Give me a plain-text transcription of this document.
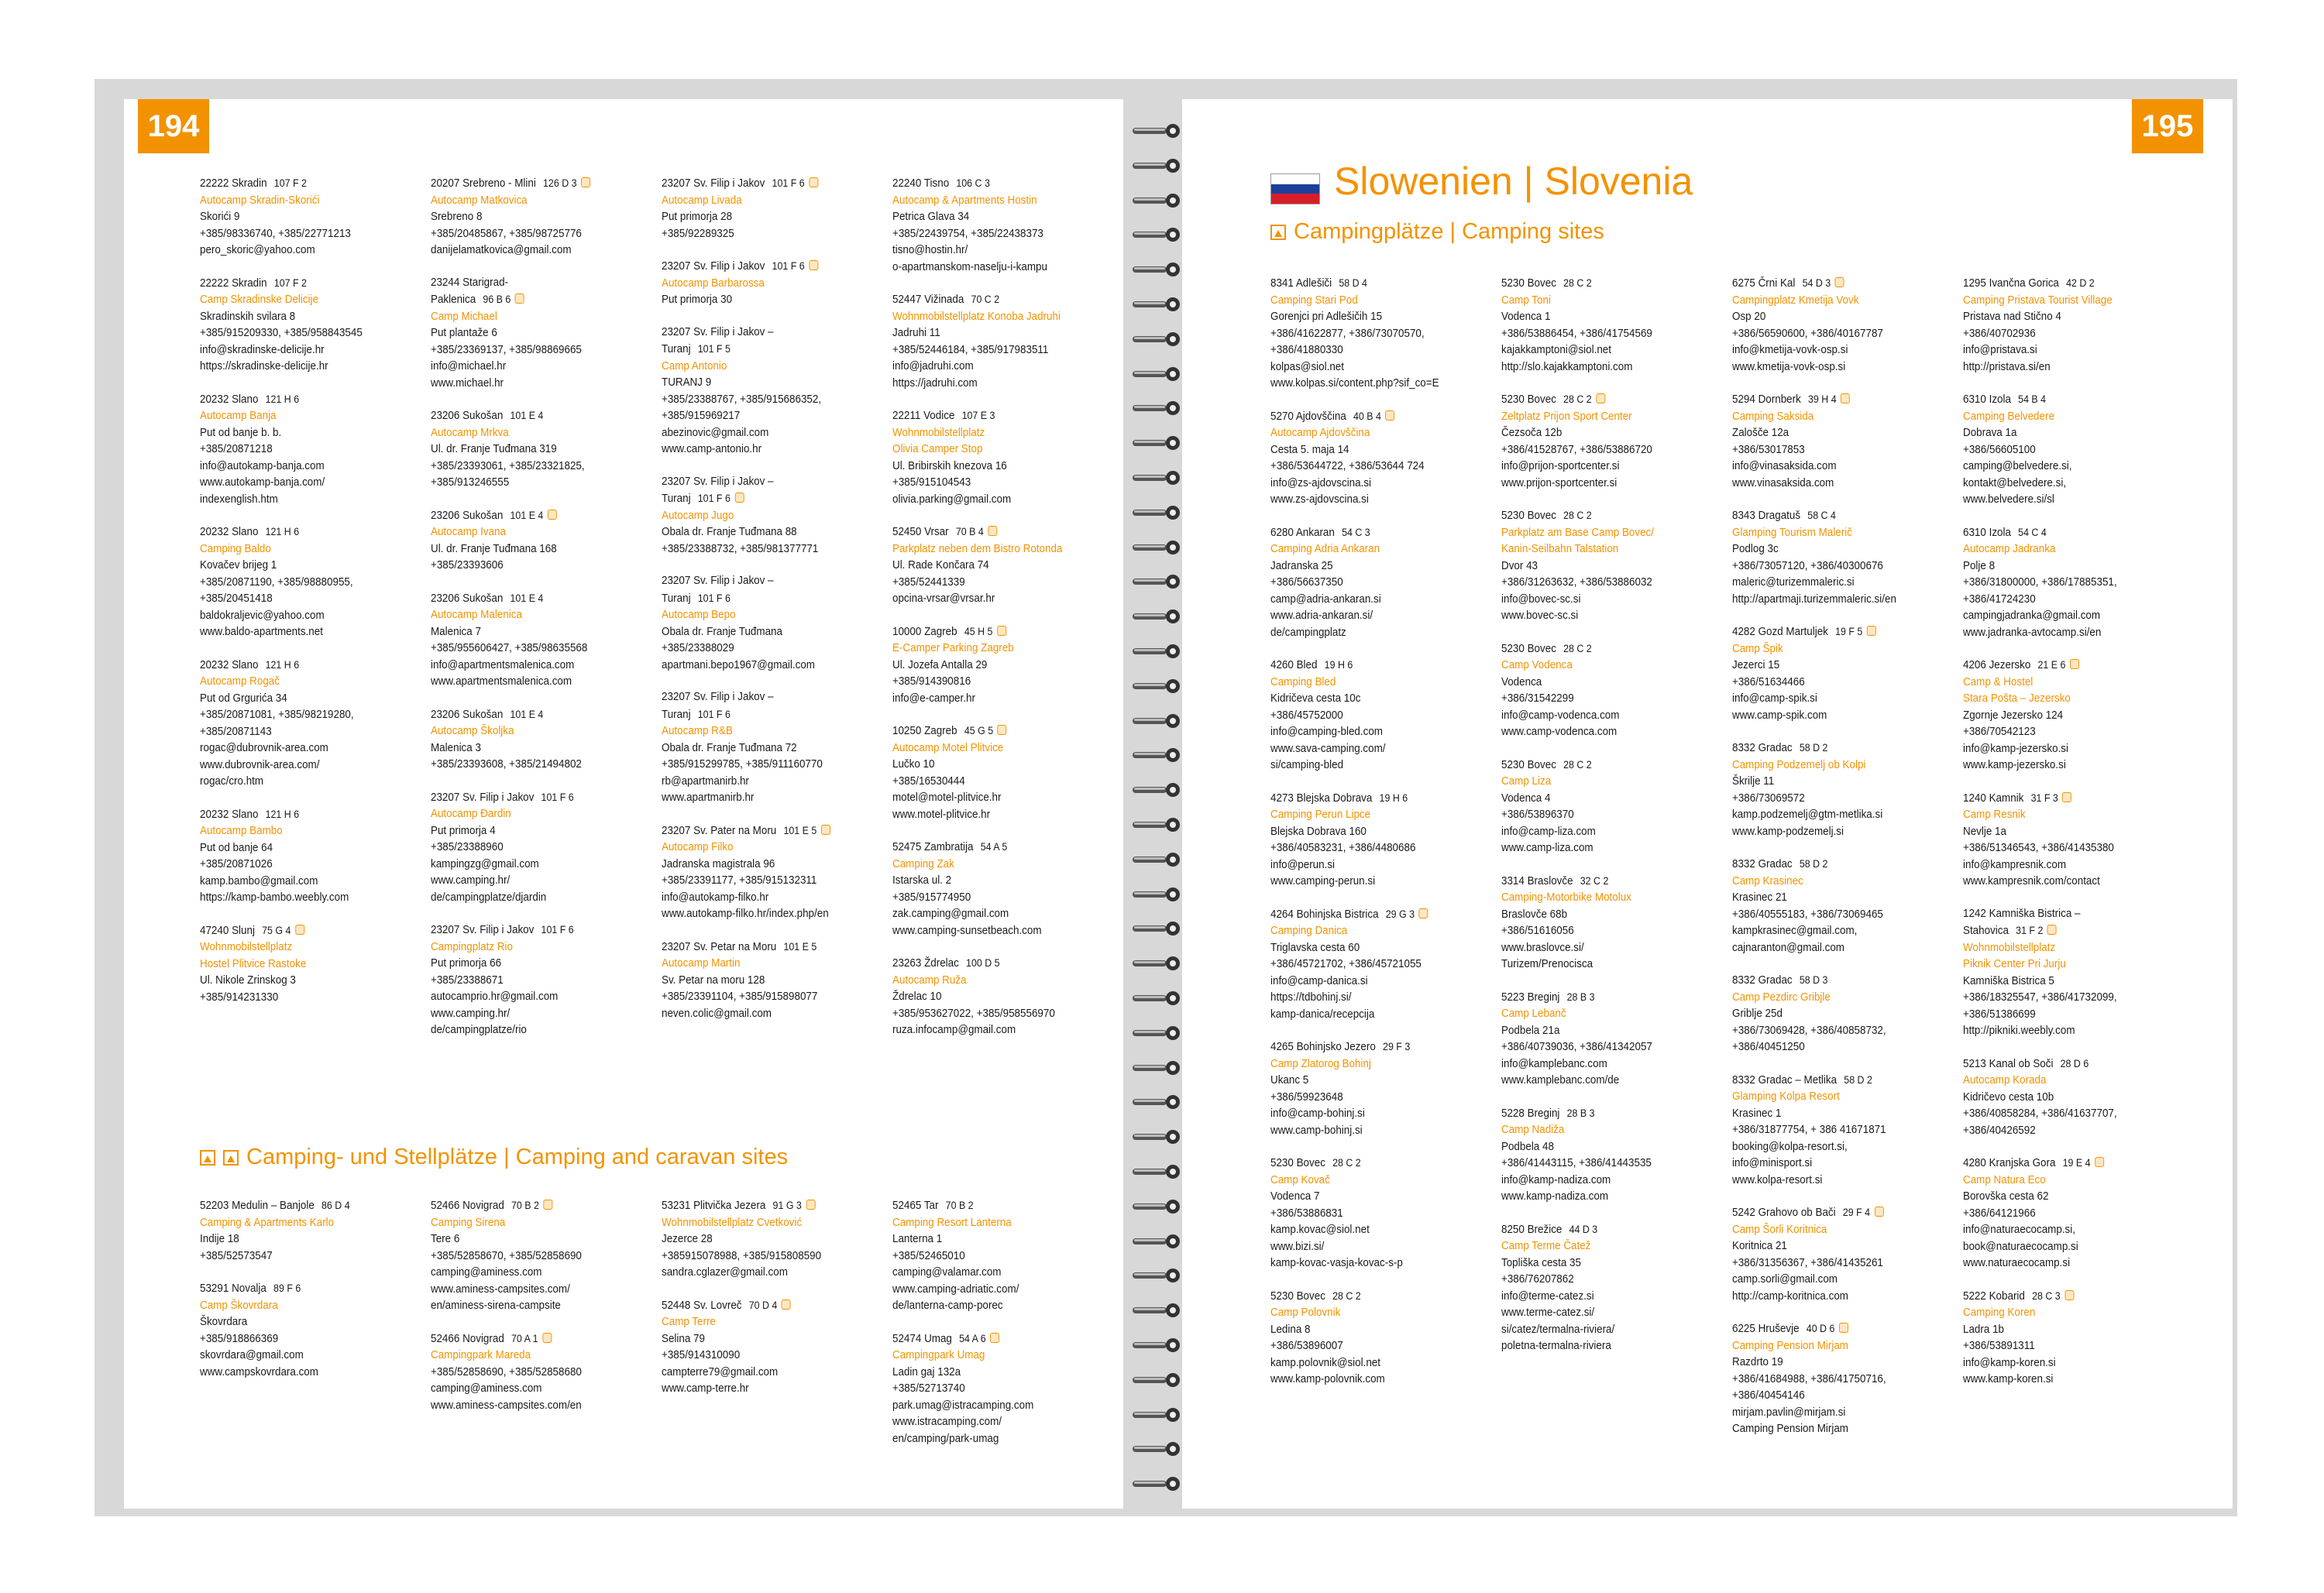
194	195
Slowenien | Slovenia
Campingplätze | Camping sites
Camping- und Stellplätze | Camping and caravan sites
22222 Skradin 107 F 2
Autocamp Skradin-Skorići
Skorići 9
+385/98336740, +385/22771213
pero_skoric@yahoo.com
22222 Skradin 107 F 2
Camp Skradinske Delicije
Skradinskih svilara 8
+385/915209330, +385/958843545
info@skradinske-delicije.hr
https://skradinske-delicije.hr
20232 Slano 121 H 6
Autocamp Banja
Put od banje b. b.
+385/20871218
info@autokamp-banja.com
www.autokamp-banja.com/
indexenglish.htm
20232 Slano 121 H 6
Camping Baldo
Kovačev brijeg 1
+385/20871190, +385/98880955,
+385/20451418
baldokraljevic@yahoo.com
www.baldo-apartments.net
20232 Slano 121 H 6
Autocamp Rogač
Put od Grgurića 34
+385/20871081, +385/98219280,
+385/20871143
rogac@dubrovnik-area.com
www.dubrovnik-area.com/
rogac/cro.htm
20232 Slano 121 H 6
Autocamp Bambo
Put od banje 64
+385/20871026
kamp.bambo@gmail.com
https://kamp-bambo.weebly.com
47240 Slunj 75 G 4
Wohnmobilstellplatz
Hostel Plitvice Rastoke
Ul. Nikole Zrinskog 3
+385/914231330
20207 Srebreno - Mlini 126 D 3
Autocamp Matkovica
Srebreno 8
+385/20485867, +385/98725776
danijelamatkovica@gmail.com
23244 Starigrad-
Paklenica 96 B 6
Camp Michael
Put plantaže 6
+385/23369137, +385/98869665
info@michael.hr
www.michael.hr
23206 Sukošan 101 E 4
Autocamp Mrkva
Ul. dr. Franje Tuđmana 319
+385/23393061, +385/23321825,
+385/913246555
23206 Sukošan 101 E 4
Autocamp Ivana
Ul. dr. Franje Tuđmana 168
+385/23393606
23206 Sukošan 101 E 4
Autocamp Malenica
Malenica 7
+385/955606427, +385/98635568
info@apartmentsmalenica.com
www.apartmentsmalenica.com
23206 Sukošan 101 E 4
Autocamp Školjka
Malenica 3
+385/23393608, +385/21494802
23207 Sv. Filip i Jakov 101 F 6
Autocamp Đardin
Put primorja 4
+385/23388960
kampingzg@gmail.com
www.camping.hr/
de/campingplatze/djardin
23207 Sv. Filip i Jakov 101 F 6
Campingplatz Rio
Put primorja 66
+385/23388671
autocamprio.hr@gmail.com
www.camping.hr/
de/campingplatze/rio
23207 Sv. Filip i Jakov 101 F 6
Autocamp Livada
Put primorja 28
+385/92289325
23207 Sv. Filip i Jakov 101 F 6
Autocamp Barbarossa
Put primorja 30
23207 Sv. Filip i Jakov –
Turanj 101 F 5
Camp Antonio
TURANJ 9
+385/23388767, +385/915686352,
+385/915969217
abezinovic@gmail.com
www.camp-antonio.hr
23207 Sv. Filip i Jakov –
Turanj 101 F 6
Autocamp Jugo
Obala dr. Franje Tuđmana 88
+385/23388732, +385/981377771
23207 Sv. Filip i Jakov –
Turanj 101 F 6
Autocamp Bepo
Obala dr. Franje Tuđmana
+385/23388029
apartmani.bepo1967@gmail.com
23207 Sv. Filip i Jakov –
Turanj 101 F 6
Autocamp R&B
Obala dr. Franje Tuđmana 72
+385/915299785, +385/911160770
rb@apartmanirb.hr
www.apartmanirb.hr
23207 Sv. Pater na Moru 101 E 5
Autocamp Filko
Jadranska magistrala 96
+385/23391177, +385/915132311
info@autokamp-filko.hr
www.autokamp-filko.hr/index.php/en
23207 Sv. Petar na Moru 101 E 5
Autocamp Martin
Sv. Petar na moru 128
+385/23391104, +385/915898077
neven.colic@gmail.com
22240 Tisno 106 C 3
Autocamp & Apartments Hostin
Petrica Glava 34
+385/22439754, +385/22438373
tisno@hostin.hr/
o-apartmanskom-naselju-i-kampu
52447 Vižinada 70 C 2
Wohnmobilstellplatz Konoba Jadruhi
Jadruhi 11
+385/52446184, +385/917983511
info@jadruhi.com
https://jadruhi.com
22211 Vodice 107 E 3
Wohnmobilstellplatz
Olivia Camper Stop
Ul. Bribirskih knezova 16
+385/915104543
olivia.parking@gmail.com
52450 Vrsar 70 B 4
Parkplatz neben dem Bistro Rotonda
Ul. Rade Končara 74
+385/52441339
opcina-vrsar@vrsar.hr
10000 Zagreb 45 H 5
E-Camper Parking Zagreb
Ul. Jozefa Antalla 29
+385/914390816
info@e-camper.hr
10250 Zagreb 45 G 5
Autocamp Motel Plitvice
Lučko 10
+385/16530444
motel@motel-plitvice.hr
www.motel-plitvice.hr
52475 Zambratija 54 A 5
Camping Zak
Istarska ul. 2
+385/915774950
zak.camping@gmail.com
www.camping-sunsetbeach.com
23263 Ždrelac 100 D 5
Autocamp Ruža
Ždrelac 10
+385/953627022, +385/958556970
ruza.infocamp@gmail.com
52203 Medulin – Banjole 86 D 4
Camping & Apartments Karlo
Indije 18
+385/52573547
53291 Novalja 89 F 6
Camp Škovrdara
Škovrdara
+385/918866369
skovrdara@gmail.com
www.campskovrdara.com
52466 Novigrad 70 B 2
Camping Sirena
Tere 6
+385/52858670, +385/52858690
camping@aminess.com
www.aminess-campsites.com/
en/aminess-sirena-campsite
52466 Novigrad 70 A 1
Campingpark Mareda
+385/52858690, +385/52858680
camping@aminess.com
www.aminess-campsites.com/en
53231 Plitvička Jezera 91 G 3
Wohnmobilstellplatz Cvetković
Jezerce 28
+385915078988, +385/915808590
sandra.cglazer@gmail.com
52448 Sv. Lovreč 70 D 4
Camp Terre
Selina 79
+385/914310090
campterre79@gmail.com
www.camp-terre.hr
52465 Tar 70 B 2
Camping Resort Lanterna
Lanterna 1
+385/52465010
camping@valamar.com
www.camping-adriatic.com/
de/lanterna-camp-porec
52474 Umag 54 A 6
Campingpark Umag
Ladin gaj 132a
+385/52713740
park.umag@istracamping.com
www.istracamping.com/
en/camping/park-umag
8341 Adlešiči 58 D 4
Camping Stari Pod
Gorenjci pri Adlešičih 15
+386/41622877, +386/73070570,
+386/41880330
kolpas@siol.net
www.kolpas.si/content.php?sif_co=E
5270 Ajdovščina 40 B 4
Autocamp Ajdovščina
Cesta 5. maja 14
+386/53644722, +386/53644 724
info@zs-ajdovscina.si
www.zs-ajdovscina.si
6280 Ankaran 54 C 3
Camping Adria Ankaran
Jadranska 25
+386/56637350
camp@adria-ankaran.si
www.adria-ankaran.si/
de/campingplatz
4260 Bled 19 H 6
Camping Bled
Kidričeva cesta 10c
+386/45752000
info@camping-bled.com
www.sava-camping.com/
si/camping-bled
4273 Blejska Dobrava 19 H 6
Camping Perun Lipce
Blejska Dobrava 160
+386/40583231, +386/4480686
info@perun.si
www.camping-perun.si
4264 Bohinjska Bistrica 29 G 3
Camping Danica
Triglavska cesta 60
+386/45721702, +386/45721055
info@camp-danica.si
https://tdbohinj.si/
kamp-danica/recepcija
4265 Bohinjsko Jezero 29 F 3
Camp Zlatorog Bohinj
Ukanc 5
+386/59923648
info@camp-bohinj.si
www.camp-bohinj.si
5230 Bovec 28 C 2
Camp Kovač
Vodenca 7
+386/53886831
kamp.kovac@siol.net
www.bizi.si/
kamp-kovac-vasja-kovac-s-p
5230 Bovec 28 C 2
Camp Polovnik
Ledina 8
+386/53896007
kamp.polovnik@siol.net
www.kamp-polovnik.com
5230 Bovec 28 C 2
Camp Toni
Vodenca 1
+386/53886454, +386/41754569
kajakkamptoni@siol.net
http://slo.kajakkamptoni.com
5230 Bovec 28 C 2
Zeltplatz Prijon Sport Center
Čezsoča 12b
+386/41528767, +386/53886720
info@prijon-sportcenter.si
www.prijon-sportcenter.si
5230 Bovec 28 C 2
Parkplatz am Base Camp Bovec/
Kanin-Seilbahn Talstation
Dvor 43
+386/31263632, +386/53886032
info@bovec-sc.si
www.bovec-sc.si
5230 Bovec 28 C 2
Camp Vodenca
Vodenca
+386/31542299
info@camp-vodenca.com
www.camp-vodenca.com
5230 Bovec 28 C 2
Camp Liza
Vodenca 4
+386/53896370
info@camp-liza.com
www.camp-liza.com
3314 Braslovče 32 C 2
Camping-Motorbike Motolux
Braslovče 68b
+386/51616056
www.braslovce.si/
Turizem/Prenocisca
5223 Breginj 28 B 3
Camp Lebanč
Podbela 21a
+386/40739036, +386/41342057
info@kamplebanc.com
www.kamplebanc.com/de
5228 Breginj 28 B 3
Camp Nadiža
Podbela 48
+386/41443115, +386/41443535
info@kamp-nadiza.com
www.kamp-nadiza.com
8250 Brežice 44 D 3
Camp Terme Čatež
Topliška cesta 35
+386/76207862
info@terme-catez.si
www.terme-catez.si/
si/catez/termalna-riviera/
poletna-termalna-riviera
6275 Črni Kal 54 D 3
Campingplatz Kmetija Vovk
Osp 20
+386/56590600, +386/40167787
info@kmetija-vovk-osp.si
www.kmetija-vovk-osp.si
5294 Dornberk 39 H 4
Camping Saksida
Zalošče 12a
+386/53017853
info@vinasaksida.com
www.vinasaksida.com
8343 Dragatuš 58 C 4
Glamping Tourism Malerič
Podlog 3c
+386/73057120, +386/40300676
maleric@turizemmaleric.si
http://apartmaji.turizemmaleric.si/en
4282 Gozd Martuljek 19 F 5
Camp Špik
Jezerci 15
+386/51634466
info@camp-spik.si
www.camp-spik.com
8332 Gradac 58 D 2
Camping Podzemelj ob Kolpi
Škrilje 11
+386/73069572
kamp.podzemelj@gtm-metlika.si
www.kamp-podzemelj.si
8332 Gradac 58 D 2
Camp Krasinec
Krasinec 21
+386/40555183, +386/73069465
kampkrasinec@gmail.com,
cajnaranton@gmail.com
8332 Gradac 58 D 3
Camp Pezdirc Gribjle
Griblje 25d
+386/73069428, +386/40858732,
+386/40451250
8332 Gradac – Metlika 58 D 2
Glamping Kolpa Resort
Krasinec 1
+386/31877754, + 386 41671871
booking@kolpa-resort.si,
info@minisport.si
www.kolpa-resort.si
5242 Grahovo ob Bači 29 F 4
Camp Šorli Koritnica
Koritnica 21
+386/31356367, +386/41435261
camp.sorli@gmail.com
http://camp-koritnica.com
6225 Hruševje 40 D 6
Camping Pension Mirjam
Razdrto 19
+386/41684988, +386/41750716,
+386/40454146
mirjam.pavlin@mirjam.si
Camping Pension Mirjam
1295 Ivančna Gorica 42 D 2
Camping Pristava Tourist Village
Pristava nad Stično 4
+386/40702936
info@pristava.si
http://pristava.si/en
6310 Izola 54 B 4
Camping Belvedere
Dobrava 1a
+386/56605100
camping@belvedere.si,
kontakt@belvedere.si,
www.belvedere.si/sl
6310 Izola 54 C 4
Autocamp Jadranka
Polje 8
+386/31800000, +386/17885351,
+386/41724230
campingjadranka@gmail.com
www.jadranka-avtocamp.si/en
4206 Jezersko 21 E 6
Camp & Hostel
Stara Pošta – Jezersko
Zgornje Jezersko 124
+386/70542123
info@kamp-jezersko.si
www.kamp-jezersko.si
1240 Kamnik 31 F 3
Camp Resnik
Nevlje 1a
+386/51346543, +386/41435380
info@kampresnik.com
www.kampresnik.com/contact
1242 Kamniška Bistrica –
Stahovica 31 F 2
Wohnmobilstellplatz
Piknik Center Pri Jurju
Kamniška Bistrica 5
+386/18325547, +386/41732099,
+386/51386699
http://pikniki.weebly.com
5213 Kanal ob Soči 28 D 6
Autocamp Korada
Kidričevo cesta 10b
+386/40858284, +386/41637707,
+386/40426592
4280 Kranjska Gora 19 E 4
Camp Natura Eco
Borovška cesta 62
+386/64121966
info@naturaecocamp.si,
book@naturaecocamp.si
www.naturaecocamp.si
5222 Kobarid 28 C 3
Camping Koren
Ladra 1b
+386/53891311
info@kamp-koren.si
www.kamp-koren.si
